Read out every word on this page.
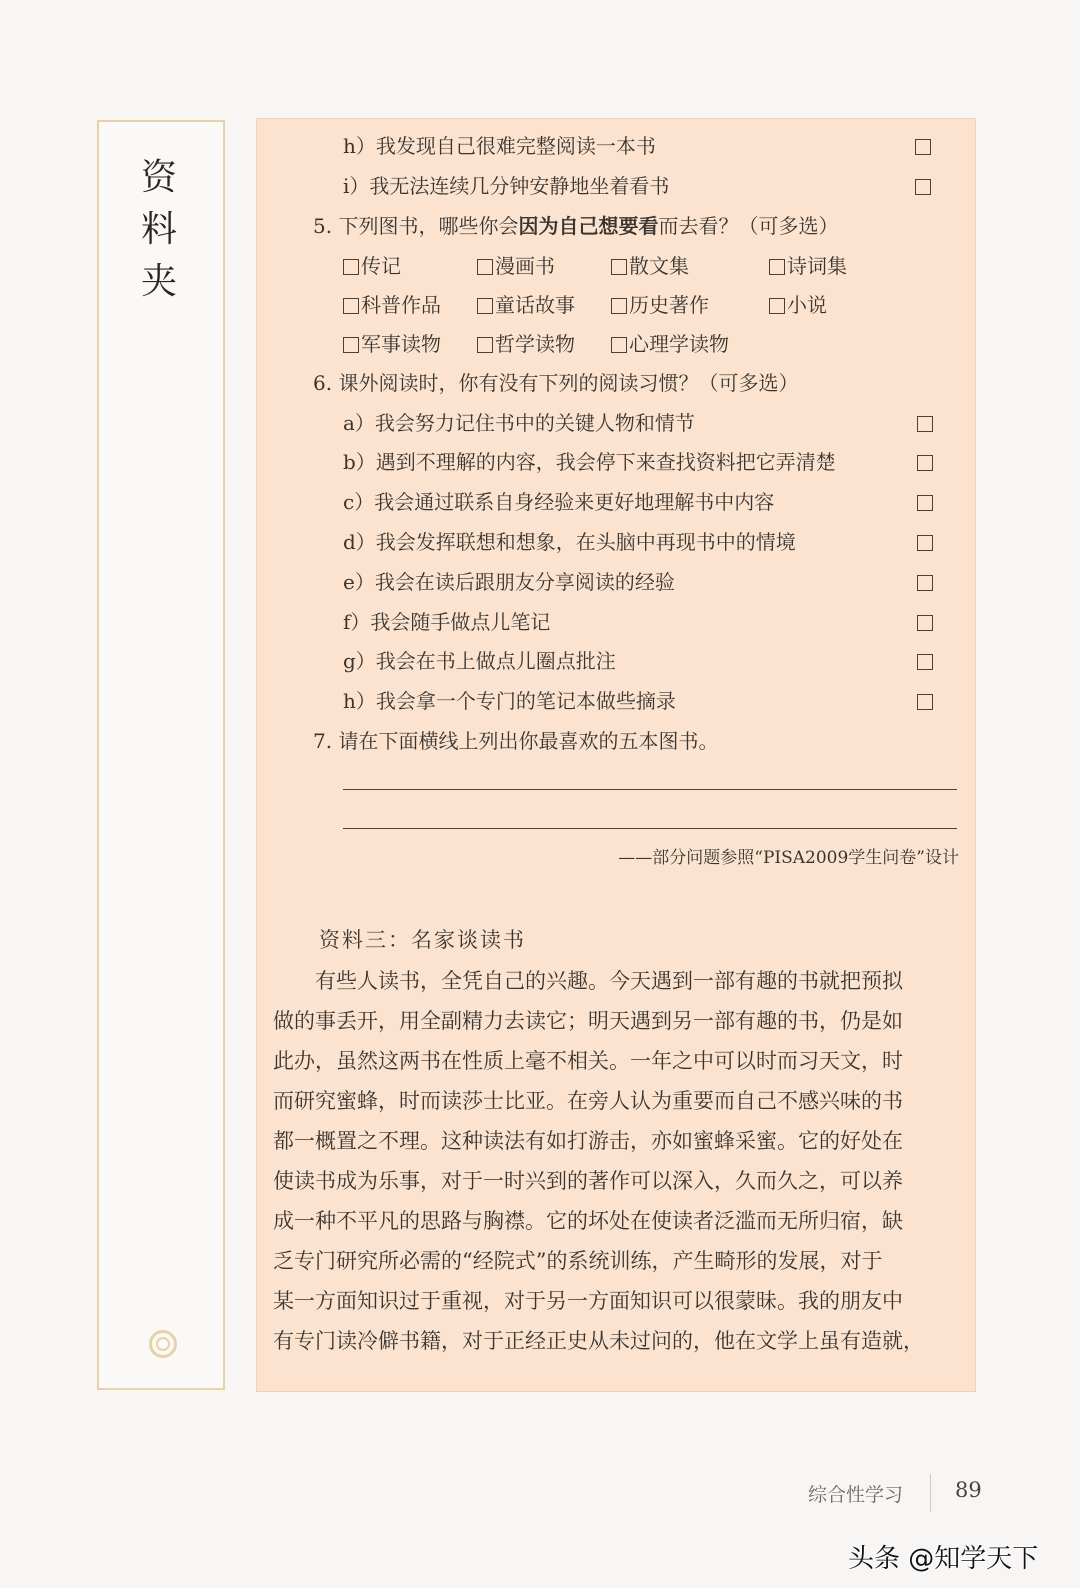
资
料
夹
h）我发现自己很难完整阅读一本书
i）我无法连续几分钟安静地坐着看书
5. 下列图书，哪些你会因为自己想要看而去看？（可多选）
传记	漫画书	散文集	诗词集
科普作品	童话故事	历史著作	小说
军事读物	哲学读物	心理学读物
6. 课外阅读时，你有没有下列的阅读习惯？（可多选）
a）我会努力记住书中的关键人物和情节
b）遇到不理解的内容，我会停下来查找资料把它弄清楚
c）我会通过联系自身经验来更好地理解书中内容
d）我会发挥联想和想象，在头脑中再现书中的情境
e）我会在读后跟朋友分享阅读的经验
f）我会随手做点儿笔记
g）我会在书上做点儿圈点批注
h）我会拿一个专门的笔记本做些摘录
7. 请在下面横线上列出你最喜欢的五本图书。
——部分问题参照“PISA2009学生问卷”设计
资料三：名家谈读书

　　有些人读书，全凭自己的兴趣。今天遇到一部有趣的书就把预拟

做的事丢开，用全副精力去读它；明天遇到另一部有趣的书，仍是如

此办，虽然这两书在性质上毫不相关。一年之中可以时而习天文，时

而研究蜜蜂，时而读莎士比亚。在旁人认为重要而自己不感兴味的书

都一概置之不理。这种读法有如打游击，亦如蜜蜂采蜜。它的好处在

使读书成为乐事，对于一时兴到的著作可以深入，久而久之，可以养

成一种不平凡的思路与胸襟。它的坏处在使读者泛滥而无所归宿，缺

乏专门研究所必需的“经院式”的系统训练，产生畸形的发展，对于

某一方面知识过于重视，对于另一方面知识可以很蒙昧。我的朋友中

有专门读冷僻书籍，对于正经正史从未过问的，他在文学上虽有造就，

综合性学习 89
头条 @知学天下
